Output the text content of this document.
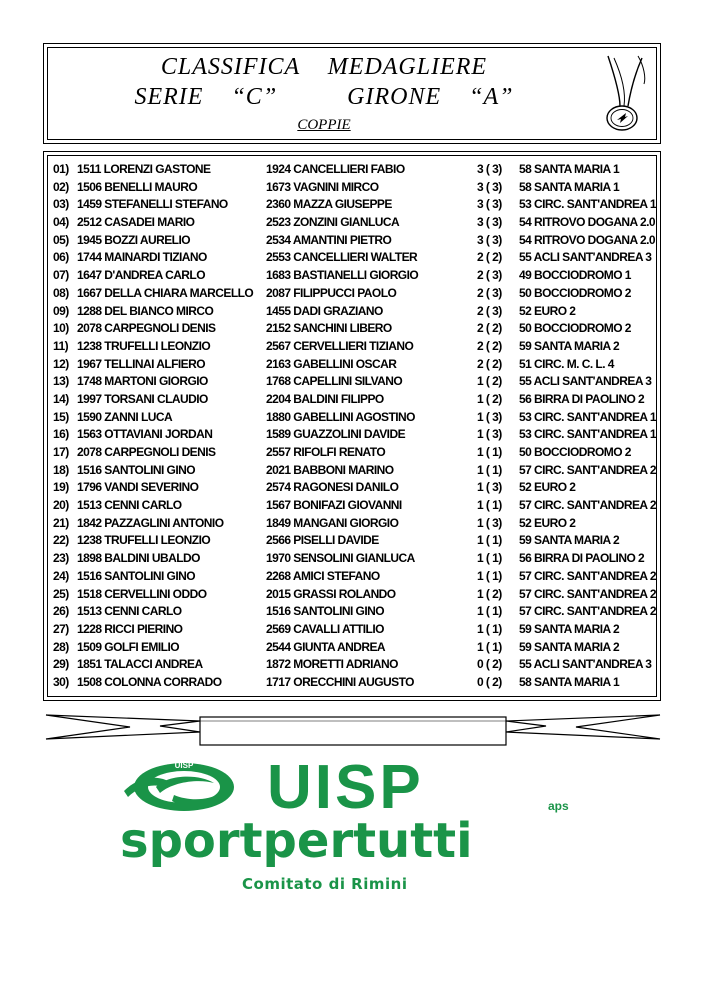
CLASSIFICA    MEDAGLIERE
SERIE    “C”          GIRONE    “A”
COPPIE
01) 1511 LORENZI GASTONE	1924 CANCELLIERI FABIO	3 ( 3) 58 SANTA MARIA 1
02) 1506 BENELLI MAURO	1673 VAGNINI MIRCO	3 ( 3) 58 SANTA MARIA 1
03) 1459 STEFANELLI STEFANO	2360 MAZZA GIUSEPPE	3 ( 3) 53 CIRC. SANT'ANDREA 1
04) 2512 CASADEI MARIO	2523 ZONZINI GIANLUCA	3 ( 3) 54 RITROVO DOGANA 2.0
05) 1945 BOZZI AURELIO	2534 AMANTINI PIETRO	3 ( 3) 54 RITROVO DOGANA 2.0
06) 1744 MAINARDI TIZIANO	2553 CANCELLIERI WALTER	2 ( 2) 55 ACLI SANT'ANDREA 3
07) 1647 D'ANDREA CARLO	1683 BASTIANELLI GIORGIO	2 ( 3) 49 BOCCIODROMO 1
08) 1667 DELLA CHIARA MARCELLO 2087 FILIPPUCCI PAOLO	2 ( 3) 50 BOCCIODROMO 2
09) 1288 DEL BIANCO MIRCO	1455 DADI GRAZIANO	2 ( 3) 52 EURO 2
10) 2078 CARPEGNOLI DENIS	2152 SANCHINI LIBERO	2 ( 2) 50 BOCCIODROMO 2
11) 1238 TRUFELLI LEONZIO	2567 CERVELLIERI TIZIANO	2 ( 2) 59 SANTA MARIA 2
12) 1967 TELLINAI ALFIERO	2163 GABELLINI OSCAR	2 ( 2) 51 CIRC. M. C. L. 4
13) 1748 MARTONI GIORGIO	1768 CAPELLINI SILVANO	1 ( 2) 55 ACLI SANT'ANDREA 3
14) 1997 TORSANI CLAUDIO	2204 BALDINI FILIPPO	1 ( 2) 56 BIRRA DI PAOLINO 2
15) 1590 ZANNI LUCA	1880 GABELLINI AGOSTINO	1 ( 3) 53 CIRC. SANT'ANDREA 1
16) 1563 OTTAVIANI JORDAN	1589 GUAZZOLINI DAVIDE	1 ( 3) 53 CIRC. SANT'ANDREA 1
17) 2078 CARPEGNOLI DENIS	2557 RIFOLFI RENATO	1 ( 1) 50 BOCCIODROMO 2
18) 1516 SANTOLINI GINO	2021 BABBONI MARINO	1 ( 1) 57 CIRC. SANT'ANDREA 2
19) 1796 VANDI SEVERINO	2574 RAGONESI DANILO	1 ( 3) 52 EURO 2
20) 1513 CENNI CARLO	1567 BONIFAZI GIOVANNI	1 ( 1) 57 CIRC. SANT'ANDREA 2
21) 1842 PAZZAGLINI ANTONIO	1849 MANGANI GIORGIO	1 ( 3) 52 EURO 2
22) 1238 TRUFELLI LEONZIO	2566 PISELLI DAVIDE	1 ( 1) 59 SANTA MARIA 2
23) 1898 BALDINI UBALDO	1970 SENSOLINI GIANLUCA	1 ( 1) 56 BIRRA DI PAOLINO 2
24) 1516 SANTOLINI GINO	2268 AMICI STEFANO	1 ( 1) 57 CIRC. SANT'ANDREA 2
25) 1518 CERVELLINI ODDO	2015 GRASSI ROLANDO	1 ( 2) 57 CIRC. SANT'ANDREA 2
26) 1513 CENNI CARLO	1516 SANTOLINI GINO	1 ( 1) 57 CIRC. SANT'ANDREA 2
27) 1228 RICCI PIERINO	2569 CAVALLI ATTILIO	1 ( 1) 59 SANTA MARIA 2
28) 1509 GOLFI EMILIO	2544 GIUNTA ANDREA	1 ( 1) 59 SANTA MARIA 2
29) 1851 TALACCI ANDREA	1872 MORETTI ADRIANO	0 ( 2) 55 ACLI SANT'ANDREA 3
30) 1508 COLONNA CORRADO	1717 ORECCHINI AUGUSTO	0 ( 2) 58 SANTA MARIA 1
UISP UISP	aps
sportpertutti
Comitato di Rimini
